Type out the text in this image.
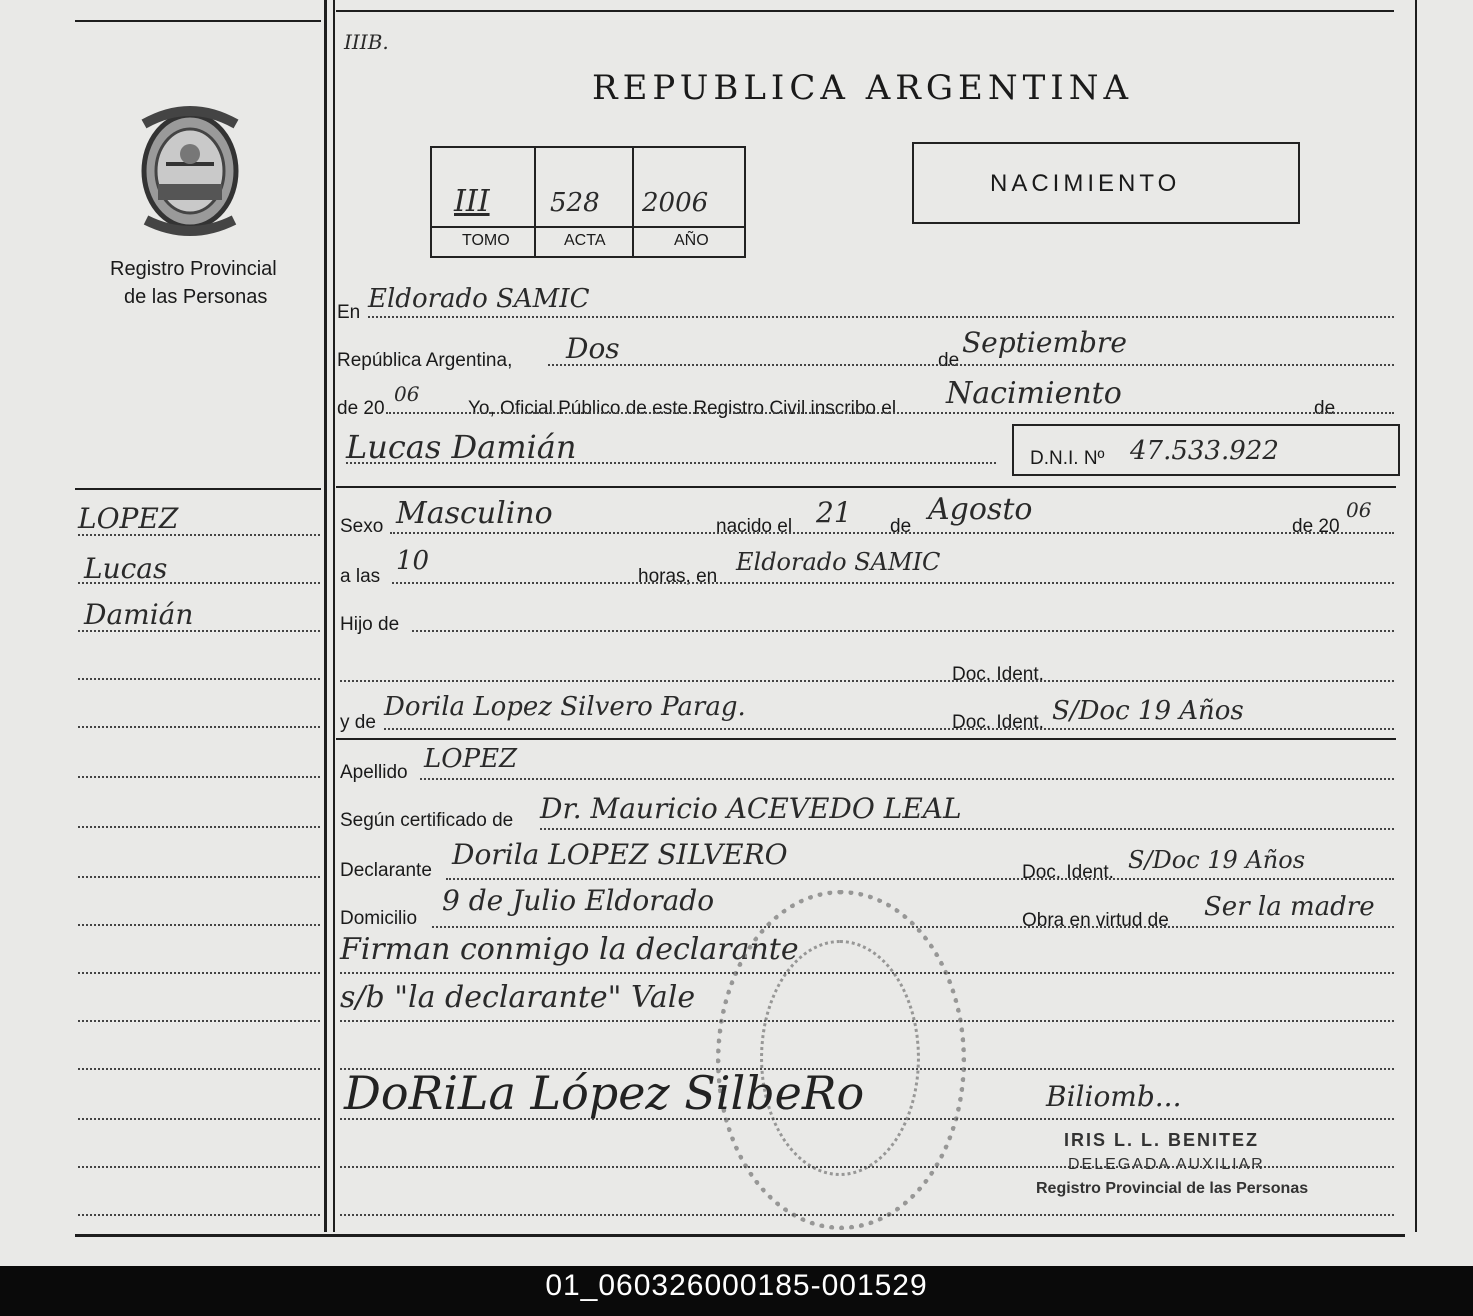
Registro Provincial
de las Personas
LOPEZ
Lucas
Damián
IIIB.
REPUBLICA ARGENTINA
III 528 2006
TOMO	ACTA	AÑO
NACIMIENTO
En Eldorado SAMIC
República Argentina, Dos	de
Septiembre
de 20
06
Yo, Oficial Público de este Registro Civil inscribo el Nacimiento	de
Lucas Damián	D.N.I. Nº 47.533.922
Sexo Masculino	nacido el 21 de Agosto	de 20
06
a las
10
horas, en
Eldorado SAMIC
Hijo de
Doc. Ident.
y de
Dorila Lopez Silvero Parag.
Doc. Ident. S/Doc 19 Años
Apellido LOPEZ
Según certificado de Dr. Mauricio ACEVEDO LEAL
Declarante Dorila LOPEZ SILVERO
Doc. Ident. S/Doc 19 Años
Domicilio
9 de Julio Eldorado
Obra en virtud de Ser la madre
Firman conmigo la declarante
s/b "la declarante" Vale
DoRiLa López SilbeRo	Biliomb...
IRIS L. L. BENITEZ
DELEGADA AUXILIAR
Registro Provincial de las Personas
01_060326000185-001529
